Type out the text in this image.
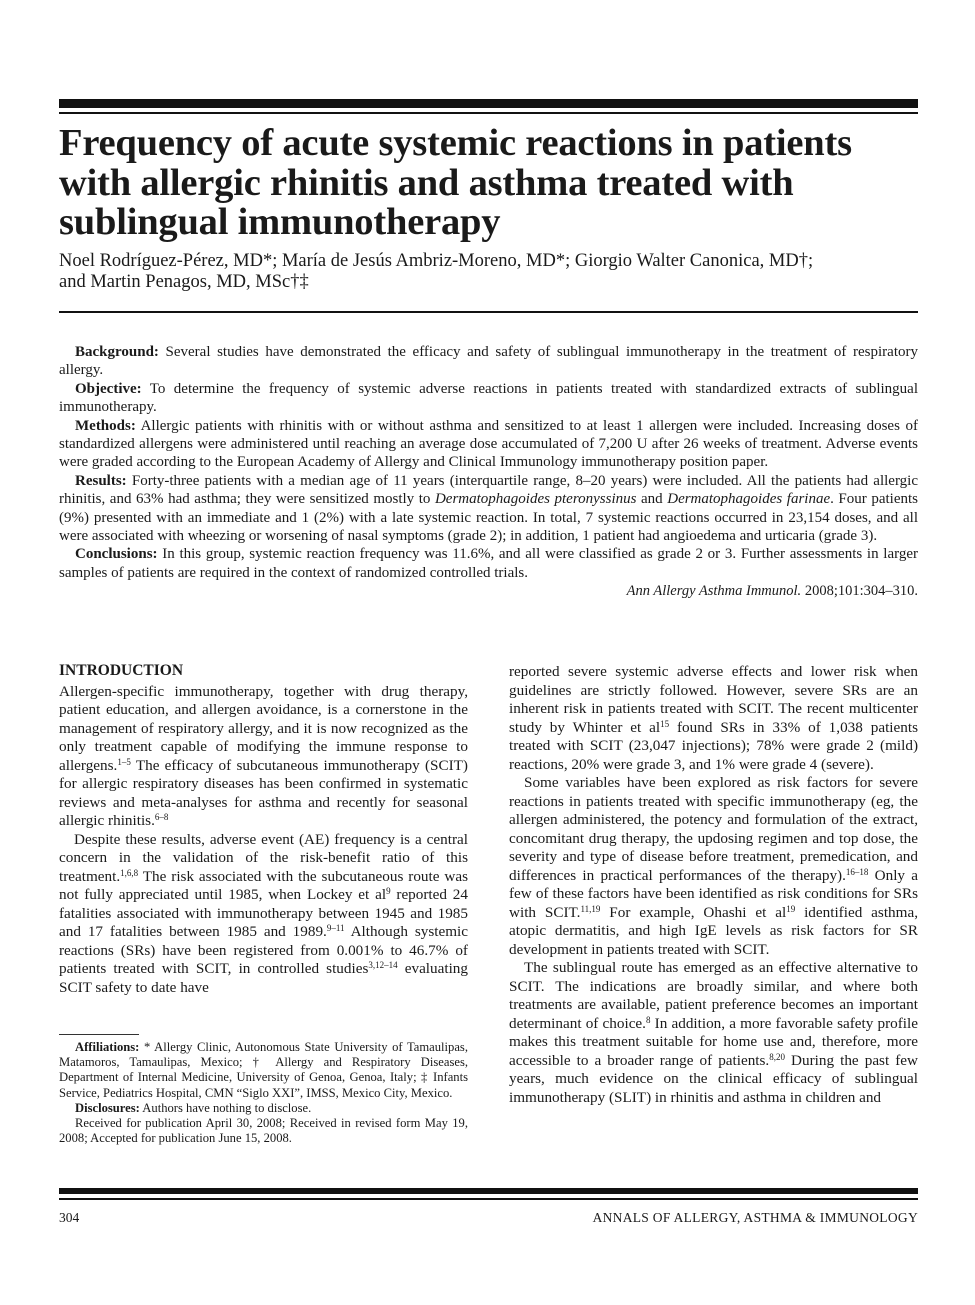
Frequency of acute systemic reactions in patients with allergic rhinitis and asthma treated with sublingual immunotherapy
Noel Rodríguez-Pérez, MD*; María de Jesús Ambriz-Moreno, MD*; Giorgio Walter Canonica, MD†;
and Martin Penagos, MD, MSc†‡

Background: Several studies have demonstrated the efficacy and safety of sublingual immunotherapy in the treatment of respiratory allergy.

Objective: To determine the frequency of systemic adverse reactions in patients treated with standardized extracts of sublingual immunotherapy.

Methods: Allergic patients with rhinitis with or without asthma and sensitized to at least 1 allergen were included. Increasing doses of standardized allergens were administered until reaching an average dose accumulated of 7,200 U after 26 weeks of treatment. Adverse events were graded according to the European Academy of Allergy and Clinical Immunology immunotherapy position paper.

Results: Forty-three patients with a median age of 11 years (interquartile range, 8–20 years) were included. All the patients had allergic rhinitis, and 63% had asthma; they were sensitized mostly to Dermatophagoides pteronyssinus and Dermatophagoides farinae. Four patients (9%) presented with an immediate and 1 (2%) with a late systemic reaction. In total, 7 systemic reactions occurred in 23,154 doses, and all were associated with wheezing or worsening of nasal symptoms (grade 2); in addition, 1 patient had angioedema and urticaria (grade 3).

Conclusions: In this group, systemic reaction frequency was 11.6%, and all were classified as grade 2 or 3. Further assessments in larger samples of patients are required in the context of randomized controlled trials.

Ann Allergy Asthma Immunol. 2008;101:304–310.
INTRODUCTION

Allergen-specific immunotherapy, together with drug therapy, patient education, and allergen avoidance, is a cornerstone in the management of respiratory allergy, and it is now recognized as the only treatment capable of modifying the immune response to allergens.$^{1-5}$ The efficacy of subcutaneous immunotherapy (SCIT) for allergic respiratory diseases has been confirmed in systematic reviews and meta-analyses for asthma and recently for seasonal allergic rhinitis.$^{6-8}$

Despite these results, adverse event (AE) frequency is a central concern in the validation of the risk-benefit ratio of this treatment.$^{1,6,8}$ The risk associated with the subcutaneous route was not fully appreciated until 1985, when Lockey et $al^9$ reported 24 fatalities associated with immunotherapy between 1945 and 1985 and 17 fatalities between 1985 and 1989.$^{9-11}$ Although systemic reactions (SRs) have been registered from 0.001% to 46.7% of patients treated with SCIT, in controlled studies$^{3,12-14}$ evaluating SCIT safety to date have

Affiliations: * Allergy Clinic, Autonomous State University of Tamaulipas, Matamoros, Tamaulipas, Mexico; † Allergy and Respiratory Diseases, Department of Internal Medicine, University of Genoa, Genoa, Italy; ‡ Infants Service, Pediatrics Hospital, CMN “Siglo XXI”, IMSS, Mexico City, Mexico.

Disclosures: Authors have nothing to disclose.

Received for publication April 30, 2008; Received in revised form May 19, 2008; Accepted for publication June 15, 2008.

reported severe systemic adverse effects and lower risk when guidelines are strictly followed. However, severe SRs are an inherent risk in patients treated with SCIT. The recent multicenter study by Whinter et $al^{15}$ found SRs in 33% of 1,038 patients treated with SCIT (23,047 injections); 78% were grade 2 (mild) reactions, 20% were grade 3, and 1% were grade 4 (severe).

Some variables have been explored as risk factors for severe reactions in patients treated with specific immunotherapy (eg, the allergen administered, the potency and formulation of the extract, concomitant drug therapy, the updosing regimen and top dose, the severity and type of disease before treatment, premedication, and differences in practical performances of the therapy).$^{16-18}$ Only a few of these factors have been identified as risk conditions for SRs with SCIT.$^{11,19}$ For example, Ohashi et $al^{19}$ identified asthma, atopic dermatitis, and high IgE levels as risk factors for SR development in patients treated with SCIT.

The sublingual route has emerged as an effective alternative to SCIT. The indications are broadly similar, and where both treatments are available, patient preference becomes an important determinant of choice.$^8$ In addition, a more favorable safety profile makes this treatment suitable for home use and, therefore, more accessible to a broader range of patients.$^{8,20}$ During the past few years, much evidence on the clinical efficacy of sublingual immunotherapy (SLIT) in rhinitis and asthma in children and

304	ANNALS OF ALLERGY, ASTHMA & IMMUNOLOGY
